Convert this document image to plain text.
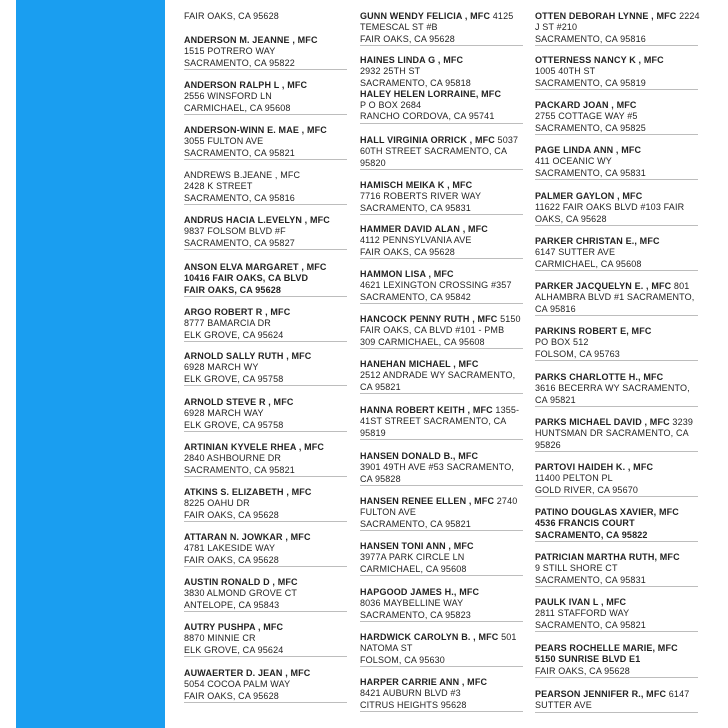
FAIR OAKS, CA 95628
ANDERSON M. JEANNE , MFC
1515 POTRERO WAY
SACRAMENTO, CA 95822
ANDERSON RALPH L , MFC
2556 WINSFORD LN
CARMICHAEL, CA 95608
ANDERSON-WINN E. MAE , MFC
3055 FULTON AVE
SACRAMENTO, CA 95821
ANDREWS B.JEANE , MFC
2428 K STREET
SACRAMENTO, CA 95816
ANDRUS HACIA L.EVELYN , MFC
9837 FOLSOM BLVD #F
SACRAMENTO, CA 95827
ANSON ELVA MARGARET , MFC
10416 FAIR OAKS, CA BLVD
FAIR OAKS, CA 95628
ARGO ROBERT R , MFC
8777 BAMARCIA DR
ELK GROVE, CA 95624
ARNOLD SALLY RUTH , MFC
6928 MARCH WY
ELK GROVE, CA 95758
ARNOLD STEVE R , MFC
6928 MARCH WAY
ELK GROVE, CA 95758
ARTINIAN KYVELE RHEA , MFC
2840 ASHBOURNE DR
SACRAMENTO, CA 95821
ATKINS S. ELIZABETH , MFC
8225 OAHU DR
FAIR OAKS, CA 95628
ATTARAN N. JOWKAR , MFC
4781 LAKESIDE WAY
FAIR OAKS, CA 95628
AUSTIN RONALD D , MFC
3830 ALMOND GROVE CT
ANTELOPE, CA 95843
AUTRY PUSHPA , MFC
8870 MINNIE CR
ELK GROVE, CA 95624
AUWAERTER D. JEAN , MFC
5054 COCOA PALM WAY
FAIR OAKS, CA 95628
GUNN WENDY FELICIA , MFC 4125
TEMESCAL ST #B
FAIR OAKS, CA 95628
HAINES LINDA G , MFC
2932 25TH ST
SACRAMENTO, CA 95818
HALEY HELEN LORRAINE, MFC
P O BOX 2684
RANCHO CORDOVA, CA 95741
HALL VIRGINIA ORRICK , MFC 5037
60TH STREET SACRAMENTO, CA
95820
HAMISCH MEIKA K , MFC
7716 ROBERTS RIVER WAY
SACRAMENTO, CA 95831
HAMMER DAVID ALAN , MFC
4112 PENNSYLVANIA AVE
FAIR OAKS, CA 95628
HAMMON LISA , MFC
4621 LEXINGTON CROSSING #357
SACRAMENTO, CA 95842
HANCOCK PENNY RUTH , MFC 5150
FAIR OAKS, CA BLVD #101 - PMB
309 CARMICHAEL, CA 95608
HANEHAN MICHAEL , MFC
2512 ANDRADE WY SACRAMENTO,
CA 95821
HANNA ROBERT KEITH , MFC 1355-
41ST STREET SACRAMENTO, CA
95819
HANSEN DONALD B., MFC
3901 49TH AVE #53 SACRAMENTO,
CA 95828
HANSEN RENEE ELLEN , MFC 2740
FULTON AVE
SACRAMENTO, CA 95821
HANSEN TONI ANN , MFC
3977A PARK CIRCLE LN
CARMICHAEL, CA 95608
HAPGOOD JAMES H., MFC
8036 MAYBELLINE WAY
SACRAMENTO, CA 95823
HARDWICK CAROLYN B. , MFC 501
NATOMA ST
FOLSOM, CA 95630
HARPER CARRIE ANN , MFC
8421 AUBURN BLVD #3
CITRUS HEIGHTS 95628
OTTEN DEBORAH LYNNE , MFC 2224
J ST #210
SACRAMENTO, CA 95816
OTTERNESS NANCY K , MFC
1005 40TH ST
SACRAMENTO, CA 95819
PACKARD JOAN , MFC
2755 COTTAGE WAY #5
SACRAMENTO, CA 95825
PAGE LINDA ANN , MFC
411 OCEANIC WY
SACRAMENTO, CA 95831
PALMER GAYLON , MFC
11622 FAIR OAKS BLVD #103 FAIR
OAKS, CA 95628
PARKER CHRISTAN E., MFC
6147 SUTTER AVE
CARMICHAEL, CA 95608
PARKER JACQUELYN E. , MFC 801
ALHAMBRA BLVD #1 SACRAMENTO,
CA 95816
PARKINS ROBERT E, MFC
PO BOX 512
FOLSOM, CA 95763
PARKS CHARLOTTE H., MFC
3616 BECERRA WY SACRAMENTO,
CA 95821
PARKS MICHAEL DAVID , MFC 3239
HUNTSMAN DR SACRAMENTO, CA
95826
PARTOVI HAIDEH K. , MFC
11400 PELTON PL
GOLD RIVER, CA 95670
PATINO DOUGLAS XAVIER, MFC
4536 FRANCIS COURT
SACRAMENTO, CA 95822
PATRICIAN MARTHA RUTH, MFC
9 STILL SHORE CT
SACRAMENTO, CA 95831
PAULK IVAN L , MFC
2811 STAFFORD WAY
SACRAMENTO, CA 95821
PEARS ROCHELLE MARIE, MFC
5150 SUNRISE BLVD E1
FAIR OAKS, CA 95628
PEARSON JENNIFER R., MFC 6147
SUTTER AVE
